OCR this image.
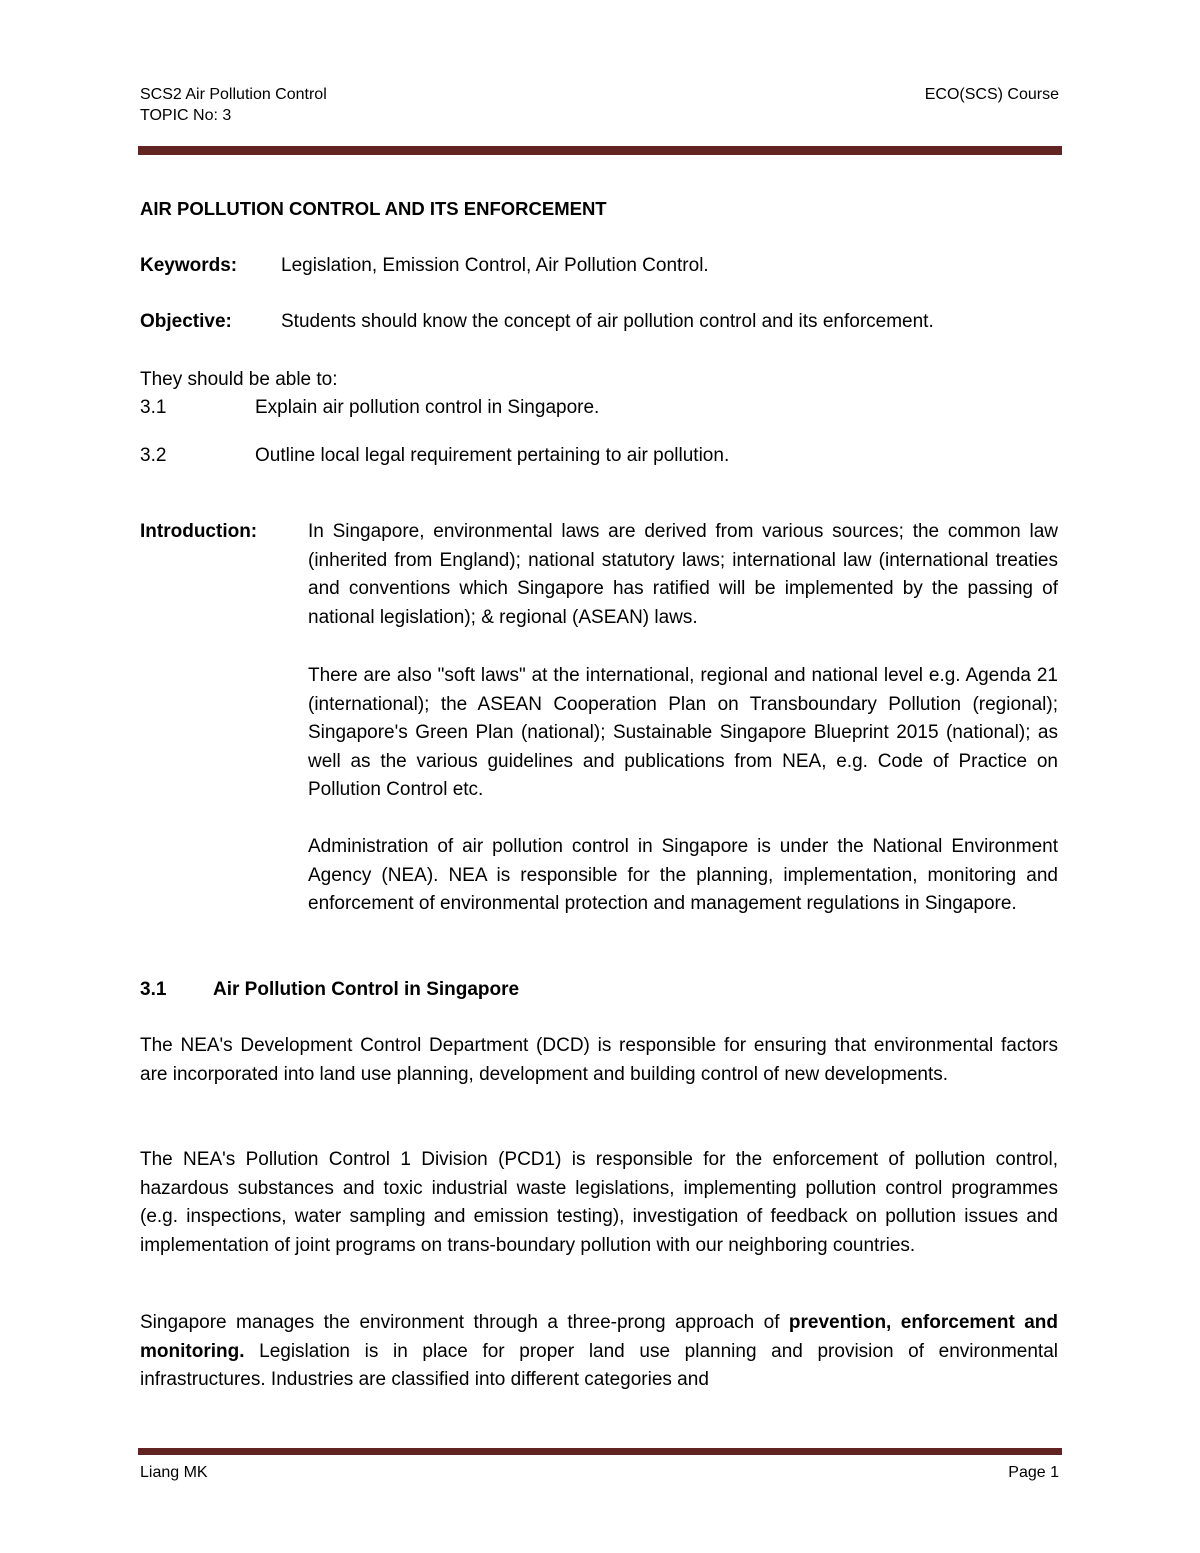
SCS2 Air Pollution Control
TOPIC No: 3
ECO(SCS) Course
AIR POLLUTION CONTROL AND ITS ENFORCEMENT
Keywords: Legislation, Emission Control, Air Pollution Control.
Objective:	Students should know the concept of air pollution control and its enforcement.
They should be able to:
3.1	Explain air pollution control in Singapore.
3.2	Outline local legal requirement pertaining to air pollution.
Introduction:	In Singapore, environmental laws are derived from various sources; the common law (inherited from England); national statutory laws; international law (international treaties and conventions which Singapore has ratified will be implemented by the passing of national legislation); & regional (ASEAN) laws.
There are also "soft laws" at the international, regional and national level e.g. Agenda 21 (international); the ASEAN Cooperation Plan on Transboundary Pollution (regional); Singapore's Green Plan (national); Sustainable Singapore Blueprint 2015 (national); as well as the various guidelines and publications from NEA, e.g. Code of Practice on Pollution Control etc.
Administration of air pollution control in Singapore is under the National Environment Agency (NEA). NEA is responsible for the planning, implementation, monitoring and enforcement of environmental protection and management regulations in Singapore.
3.1 Air Pollution Control in Singapore
The NEA's Development Control Department (DCD) is responsible for ensuring that environmental factors are incorporated into land use planning, development and building control of new developments.
The NEA's Pollution Control 1 Division (PCD1) is responsible for the enforcement of pollution control, hazardous substances and toxic industrial waste legislations, implementing pollution control programmes (e.g. inspections, water sampling and emission testing), investigation of feedback on pollution issues and implementation of joint programs on trans-boundary pollution with our neighboring countries.
Singapore manages the environment through a three-prong approach of prevention, enforcement and monitoring. Legislation is in place for proper land use planning and provision of environmental infrastructures. Industries are classified into different categories and
Liang MK	Page 1
